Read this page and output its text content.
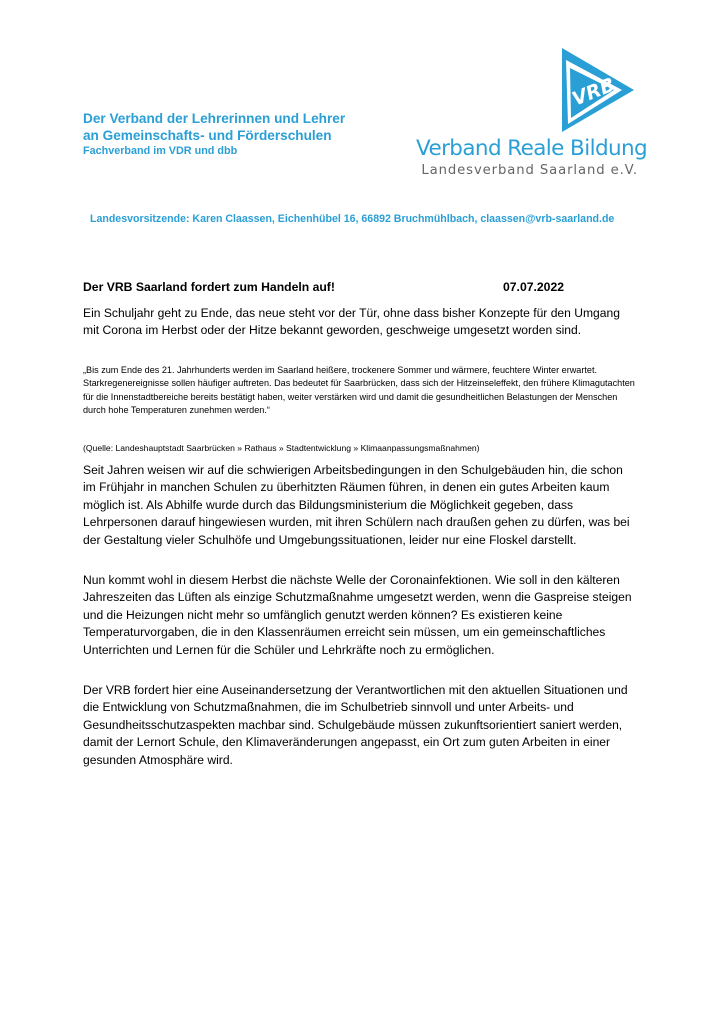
Der Verband der Lehrerinnen und Lehrer
an Gemeinschafts- und Förderschulen
Fachverband im VDR und dbb
VRB
Verband Reale Bildung
Landesverband Saarland e.V.
Landesvorsitzende: Karen Claassen, Eichenhübel 16, 66892 Bruchmühlbach, claassen@vrb-saarland.de
Der VRB Saarland fordert zum Handeln auf!	07.07.2022

Ein Schuljahr geht zu Ende, das neue steht vor der Tür, ohne dass bisher Konzepte für den Umgang mit Corona im Herbst oder der Hitze bekannt geworden, geschweige umgesetzt worden sind.

„Bis zum Ende des 21. Jahrhunderts werden im Saarland heißere, trockenere Sommer und wärmere, feuchtere Winter erwartet. Starkregenereignisse sollen häufiger auftreten. Das bedeutet für Saarbrücken, dass sich der Hitzeinseleffekt, den frühere Klimagutachten für die Innenstadtbereiche bereits bestätigt haben, weiter verstärken wird und damit die gesundheitlichen Belastungen der Menschen durch hohe Temperaturen zunehmen werden.“

(Quelle: Landeshauptstadt Saarbrücken » Rathaus » Stadtentwicklung » Klimaanpassungsmaßnahmen)

Seit Jahren weisen wir auf die schwierigen Arbeitsbedingungen in den Schulgebäuden hin, die schon im Frühjahr in manchen Schulen zu überhitzten Räumen führen, in denen ein gutes Arbeiten kaum möglich ist. Als Abhilfe wurde durch das Bildungsministerium die Möglichkeit gegeben, dass Lehrpersonen darauf hingewiesen wurden, mit ihren Schülern nach draußen gehen zu dürfen, was bei der Gestaltung vieler Schulhöfe und Umgebungssituationen, leider nur eine Floskel darstellt.

Nun kommt wohl in diesem Herbst die nächste Welle der Coronainfektionen. Wie soll in den kälteren Jahreszeiten das Lüften als einzige Schutzmaßnahme umgesetzt werden, wenn die Gaspreise steigen und die Heizungen nicht mehr so umfänglich genutzt werden können? Es existieren keine Temperaturvorgaben, die in den Klassenräumen erreicht sein müssen, um ein gemeinschaftliches Unterrichten und Lernen für die Schüler und Lehrkräfte noch zu ermöglichen.

Der VRB fordert hier eine Auseinandersetzung der Verantwortlichen mit den aktuellen Situationen und die Entwicklung von Schutzmaßnahmen, die im Schulbetrieb sinnvoll und unter Arbeits- und Gesundheitsschutzaspekten machbar sind. Schulgebäude müssen zukunftsorientiert saniert werden, damit der Lernort Schule, den Klimaveränderungen angepasst, ein Ort zum guten Arbeiten in einer gesunden Atmosphäre wird.
